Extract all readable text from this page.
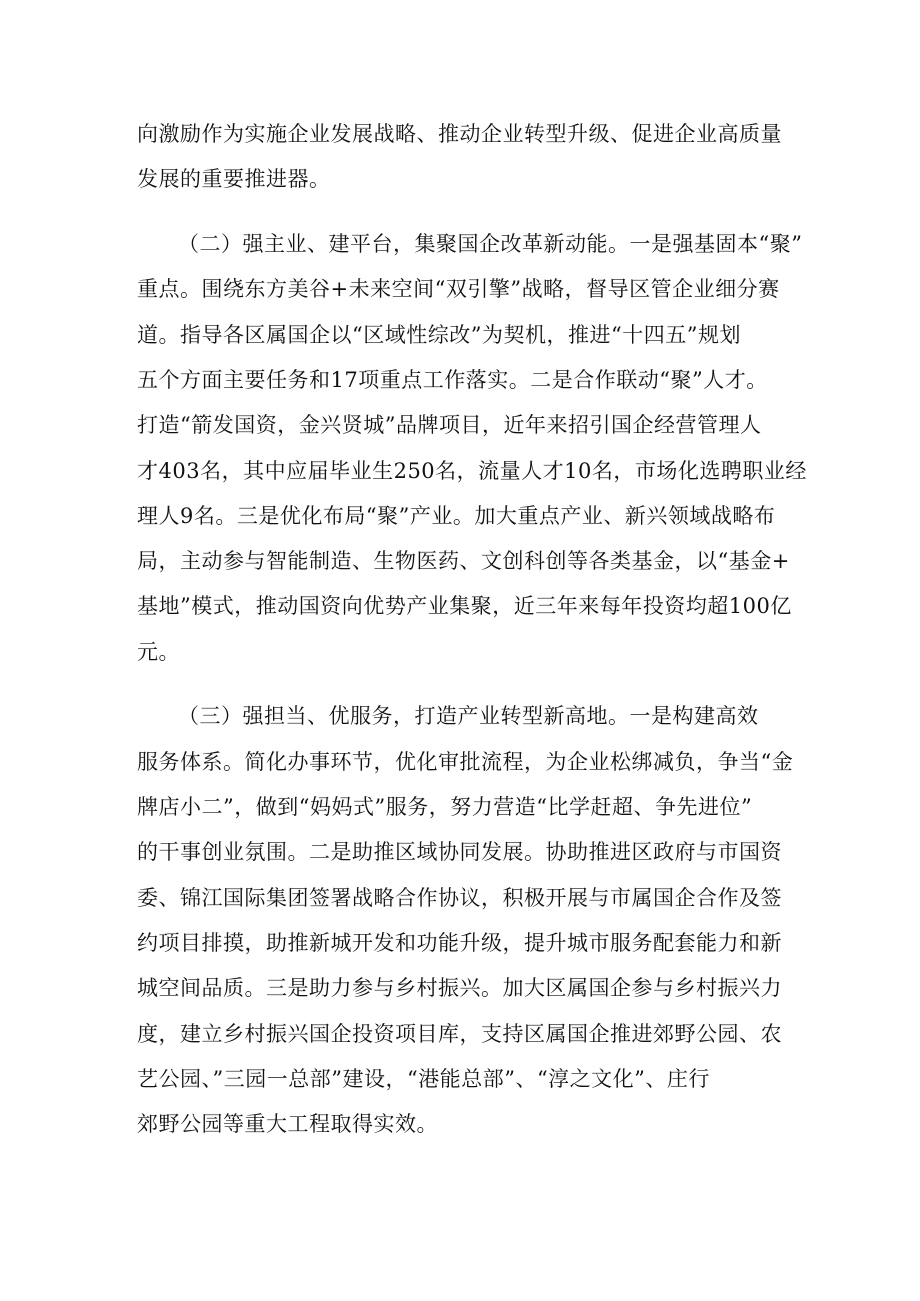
向激励作为实施企业发展战略、推动企业转型升级、促进企业高质量
发展的重要推进器。
（二）强主业、建平台，集聚国企改革新动能。一是强基固本“聚”
重点。围绕东方美谷+未来空间“双引擎”战略，督导区管企业细分赛
道。指导各区属国企以“区域性综改”为契机，推进“十四五”规划
五个方面主要任务和17项重点工作落实。二是合作联动“聚”人才。
打造“箭发国资，金兴贤城”品牌项目，近年来招引国企经营管理人
才403名，其中应届毕业生250名，流量人才10名，市场化选聘职业经
理人9名。三是优化布局“聚”产业。加大重点产业、新兴领域战略布
局，主动参与智能制造、生物医药、文创科创等各类基金，以“基金+
基地”模式，推动国资向优势产业集聚，近三年来每年投资均超100亿
元。
（三）强担当、优服务，打造产业转型新高地。一是构建高效
服务体系。简化办事环节，优化审批流程，为企业松绑减负，争当“金
牌店小二”，做到“妈妈式”服务，努力营造“比学赶超、争先进位”
的干事创业氛围。二是助推区域协同发展。协助推进区政府与市国资
委、锦江国际集团签署战略合作协议，积极开展与市属国企合作及签
约项目排摸，助推新城开发和功能升级，提升城市服务配套能力和新
城空间品质。三是助力参与乡村振兴。加大区属国企参与乡村振兴力
度，建立乡村振兴国企投资项目库，支持区属国企推进郊野公园、农
艺公园、”三园一总部”建设，“港能总部”、“淳之文化”、庄行
郊野公园等重大工程取得实效。
